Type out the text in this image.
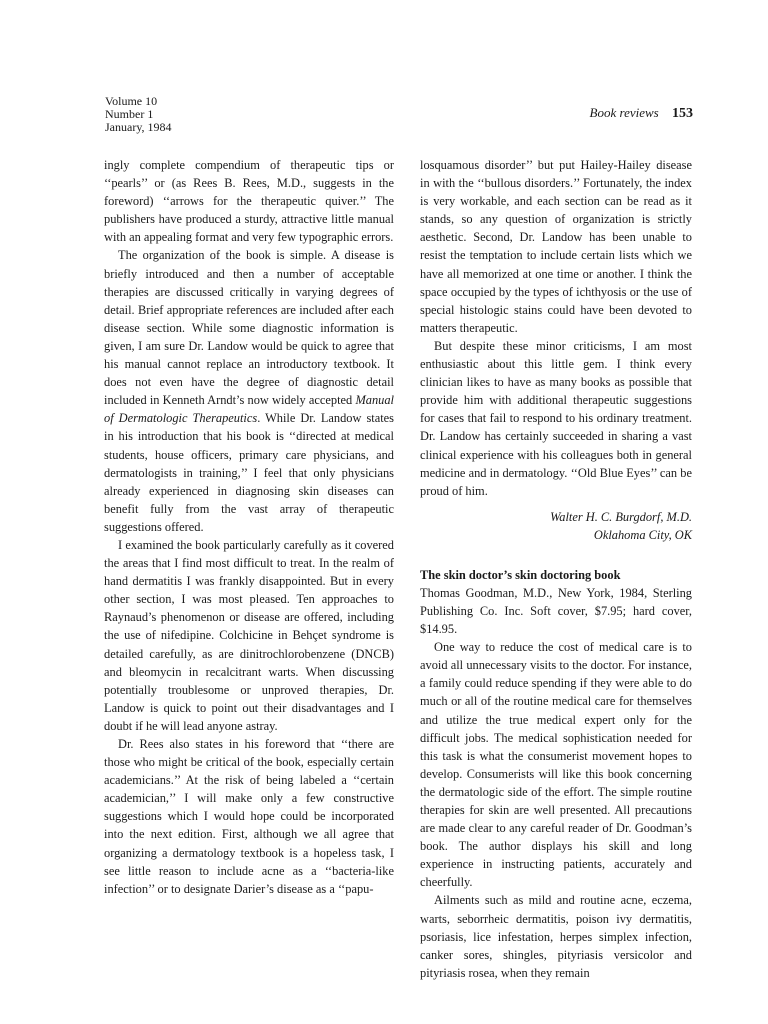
Volume 10
Number 1
January, 1984
Book reviews 153

ingly complete compendium of therapeutic tips or ‘‘pearls’’ or (as Rees B. Rees, M.D., suggests in the foreword) ‘‘arrows for the therapeutic quiver.’’ The publishers have produced a sturdy, attractive little manual with an appealing format and very few typographic errors.

The organization of the book is simple. A disease is briefly introduced and then a number of acceptable therapies are discussed critically in varying degrees of detail. Brief appropriate references are included after each disease section. While some diagnostic information is given, I am sure Dr. Landow would be quick to agree that his manual cannot replace an introductory textbook. It does not even have the degree of diagnostic detail included in Kenneth Arndt’s now widely accepted Manual of Dermatologic Therapeutics. While Dr. Landow states in his introduction that his book is ‘‘directed at medical students, house officers, primary care physicians, and dermatologists in training,’’ I feel that only physicians already experienced in diagnosing skin diseases can benefit fully from the vast array of therapeutic suggestions offered.

I examined the book particularly carefully as it covered the areas that I find most difficult to treat. In the realm of hand dermatitis I was frankly disappointed. But in every other section, I was most pleased. Ten approaches to Raynaud’s phenomenon or disease are offered, including the use of nifedipine. Colchicine in Behçet syndrome is detailed carefully, as are dinitrochlorobenzene (DNCB) and bleomycin in recalcitrant warts. When discussing potentially troublesome or unproved therapies, Dr. Landow is quick to point out their disadvantages and I doubt if he will lead anyone astray.

Dr. Rees also states in his foreword that ‘‘there are those who might be critical of the book, especially certain academicians.’’ At the risk of being labeled a ‘‘certain academician,’’ I will make only a few constructive suggestions which I would hope could be incorporated into the next edition. First, although we all agree that organizing a dermatology textbook is a hopeless task, I see little reason to include acne as a ‘‘bacteria-like infection’’ or to designate Darier’s disease as a ‘‘papu-

losquamous disorder’’ but put Hailey-Hailey disease in with the ‘‘bullous disorders.’’ Fortunately, the index is very workable, and each section can be read as it stands, so any question of organization is strictly aesthetic. Second, Dr. Landow has been unable to resist the temptation to include certain lists which we have all memorized at one time or another. I think the space occupied by the types of ichthyosis or the use of special histologic stains could have been devoted to matters therapeutic.

But despite these minor criticisms, I am most enthusiastic about this little gem. I think every clinician likes to have as many books as possible that provide him with additional therapeutic suggestions for cases that fail to respond to his ordinary treatment. Dr. Landow has certainly succeeded in sharing a vast clinical experience with his colleagues both in general medicine and in dermatology. ‘‘Old Blue Eyes’’ can be proud of him.

Walter H. C. Burgdorf, M.D.
Oklahoma City, OK
The skin doctor’s skin doctoring book

Thomas Goodman, M.D., New York, 1984, Sterling Publishing Co. Inc. Soft cover, $7.95; hard cover, $14.95.

One way to reduce the cost of medical care is to avoid all unnecessary visits to the doctor. For instance, a family could reduce spending if they were able to do much or all of the routine medical care for themselves and utilize the true medical expert only for the difficult jobs. The medical sophistication needed for this task is what the consumerist movement hopes to develop. Consumerists will like this book concerning the dermatologic side of the effort. The simple routine therapies for skin are well presented. All precautions are made clear to any careful reader of Dr. Goodman’s book. The author displays his skill and long experience in instructing patients, accurately and cheerfully.

Ailments such as mild and routine acne, eczema, warts, seborrheic dermatitis, poison ivy dermatitis, psoriasis, lice infestation, herpes simplex infection, canker sores, shingles, pityriasis versicolor and pityriasis rosea, when they remain
